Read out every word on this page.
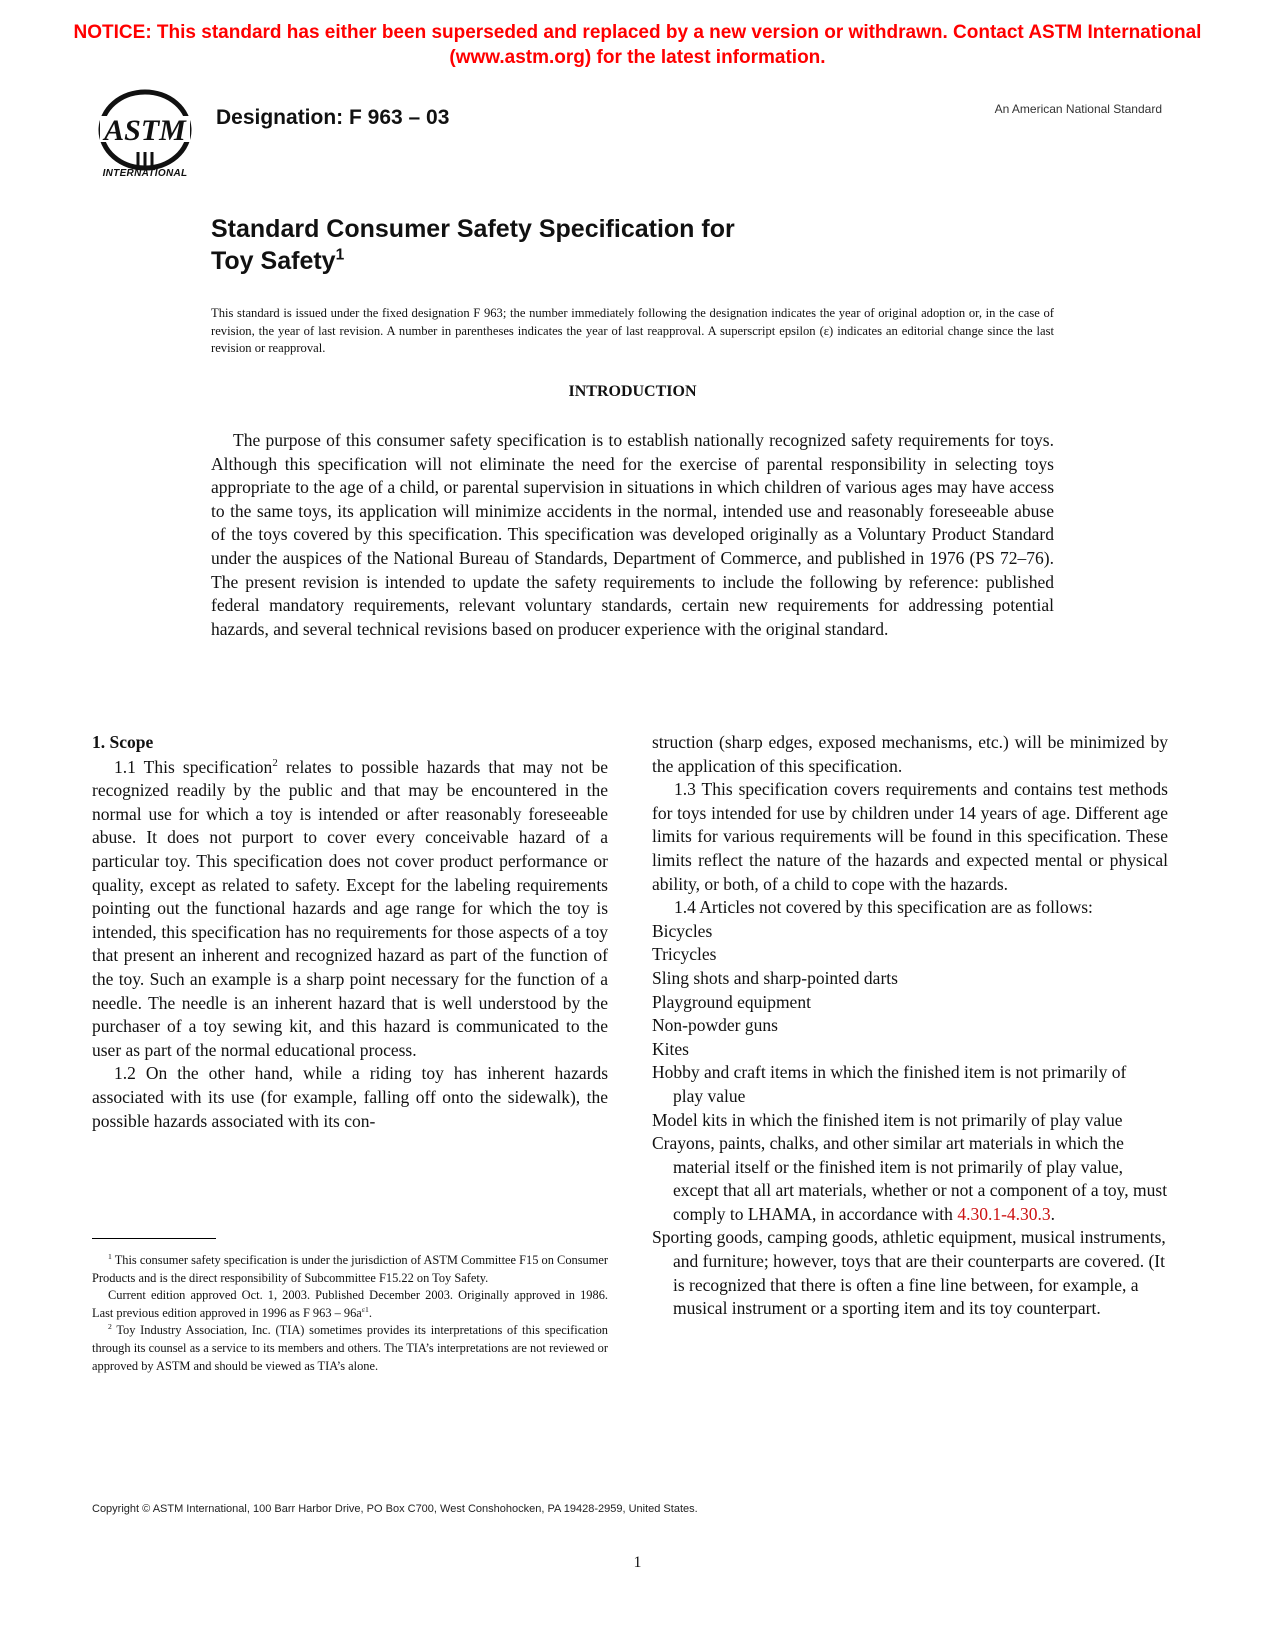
NOTICE: This standard has either been superseded and replaced by a new version or withdrawn. Contact ASTM International (www.astm.org) for the latest information.
ASTM
INTERNATIONAL
Designation: F 963 – 03	An American National Standard
Standard Consumer Safety Specification for
Toy Safety$^1$
This standard is issued under the fixed designation F 963; the number immediately following the designation indicates the year of original adoption or, in the case of revision, the year of last revision. A number in parentheses indicates the year of last reapproval. A superscript epsilon (ε) indicates an editorial change since the last revision or reapproval.
INTRODUCTION
The purpose of this consumer safety specification is to establish nationally recognized safety requirements for toys. Although this specification will not eliminate the need for the exercise of parental responsibility in selecting toys appropriate to the age of a child, or parental supervision in situations in which children of various ages may have access to the same toys, its application will minimize accidents in the normal, intended use and reasonably foreseeable abuse of the toys covered by this specification. This specification was developed originally as a Voluntary Product Standard under the auspices of the National Bureau of Standards, Department of Commerce, and published in 1976 (PS 72–76). The present revision is intended to update the safety requirements to include the following by reference: published federal mandatory requirements, relevant voluntary standards, certain new requirements for addressing potential hazards, and several technical revisions based on producer experience with the original standard.
1. Scope

1.1 This specification$^2$ relates to possible hazards that may not be recognized readily by the public and that may be encountered in the normal use for which a toy is intended or after reasonably foreseeable abuse. It does not purport to cover every conceivable hazard of a particular toy. This specification does not cover product performance or quality, except as related to safety. Except for the labeling requirements pointing out the functional hazards and age range for which the toy is intended, this specification has no requirements for those aspects of a toy that present an inherent and recognized hazard as part of the function of the toy. Such an example is a sharp point necessary for the function of a needle. The needle is an inherent hazard that is well understood by the purchaser of a toy sewing kit, and this hazard is communicated to the user as part of the normal educational process.

1.2 On the other hand, while a riding toy has inherent hazards associated with its use (for example, falling off onto the sidewalk), the possible hazards associated with its con-

struction (sharp edges, exposed mechanisms, etc.) will be minimized by the application of this specification.

1.3 This specification covers requirements and contains test methods for toys intended for use by children under 14 years of age. Different age limits for various requirements will be found in this specification. These limits reflect the nature of the hazards and expected mental or physical ability, or both, of a child to cope with the hazards.

1.4 Articles not covered by this specification are as follows:

Bicycles

Tricycles

Sling shots and sharp-pointed darts

Playground equipment

Non-powder guns

Kites

Hobby and craft items in which the finished item is not primarily of play value

Model kits in which the finished item is not primarily of play value

Crayons, paints, chalks, and other similar art materials in which the material itself or the finished item is not primarily of play value, except that all art materials, whether or not a component of a toy, must comply to LHAMA, in accordance with 4.30.1-4.30.3.

Sporting goods, camping goods, athletic equipment, musical instruments, and furniture; however, toys that are their counterparts are covered. (It is recognized that there is often a fine line between, for example, a musical instrument or a sporting item and its toy counterpart.

$^1$ This consumer safety specification is under the jurisdiction of ASTM Committee F15 on Consumer Products and is the direct responsibility of Subcommittee F15.22 on Toy Safety.

Current edition approved Oct. 1, 2003. Published December 2003. Originally approved in 1986. Last previous edition approved in 1996 as F $963 - 96a^{\varepsilon 1}$.

$^2$ Toy Industry Association, Inc. (TIA) sometimes provides its interpretations of this specification through its counsel as a service to its members and others. The TIA’s interpretations are not reviewed or approved by ASTM and should be viewed as TIA’s alone.

Copyright © ASTM International, 100 Barr Harbor Drive, PO Box C700, West Conshohocken, PA 19428-2959, United States.
1
